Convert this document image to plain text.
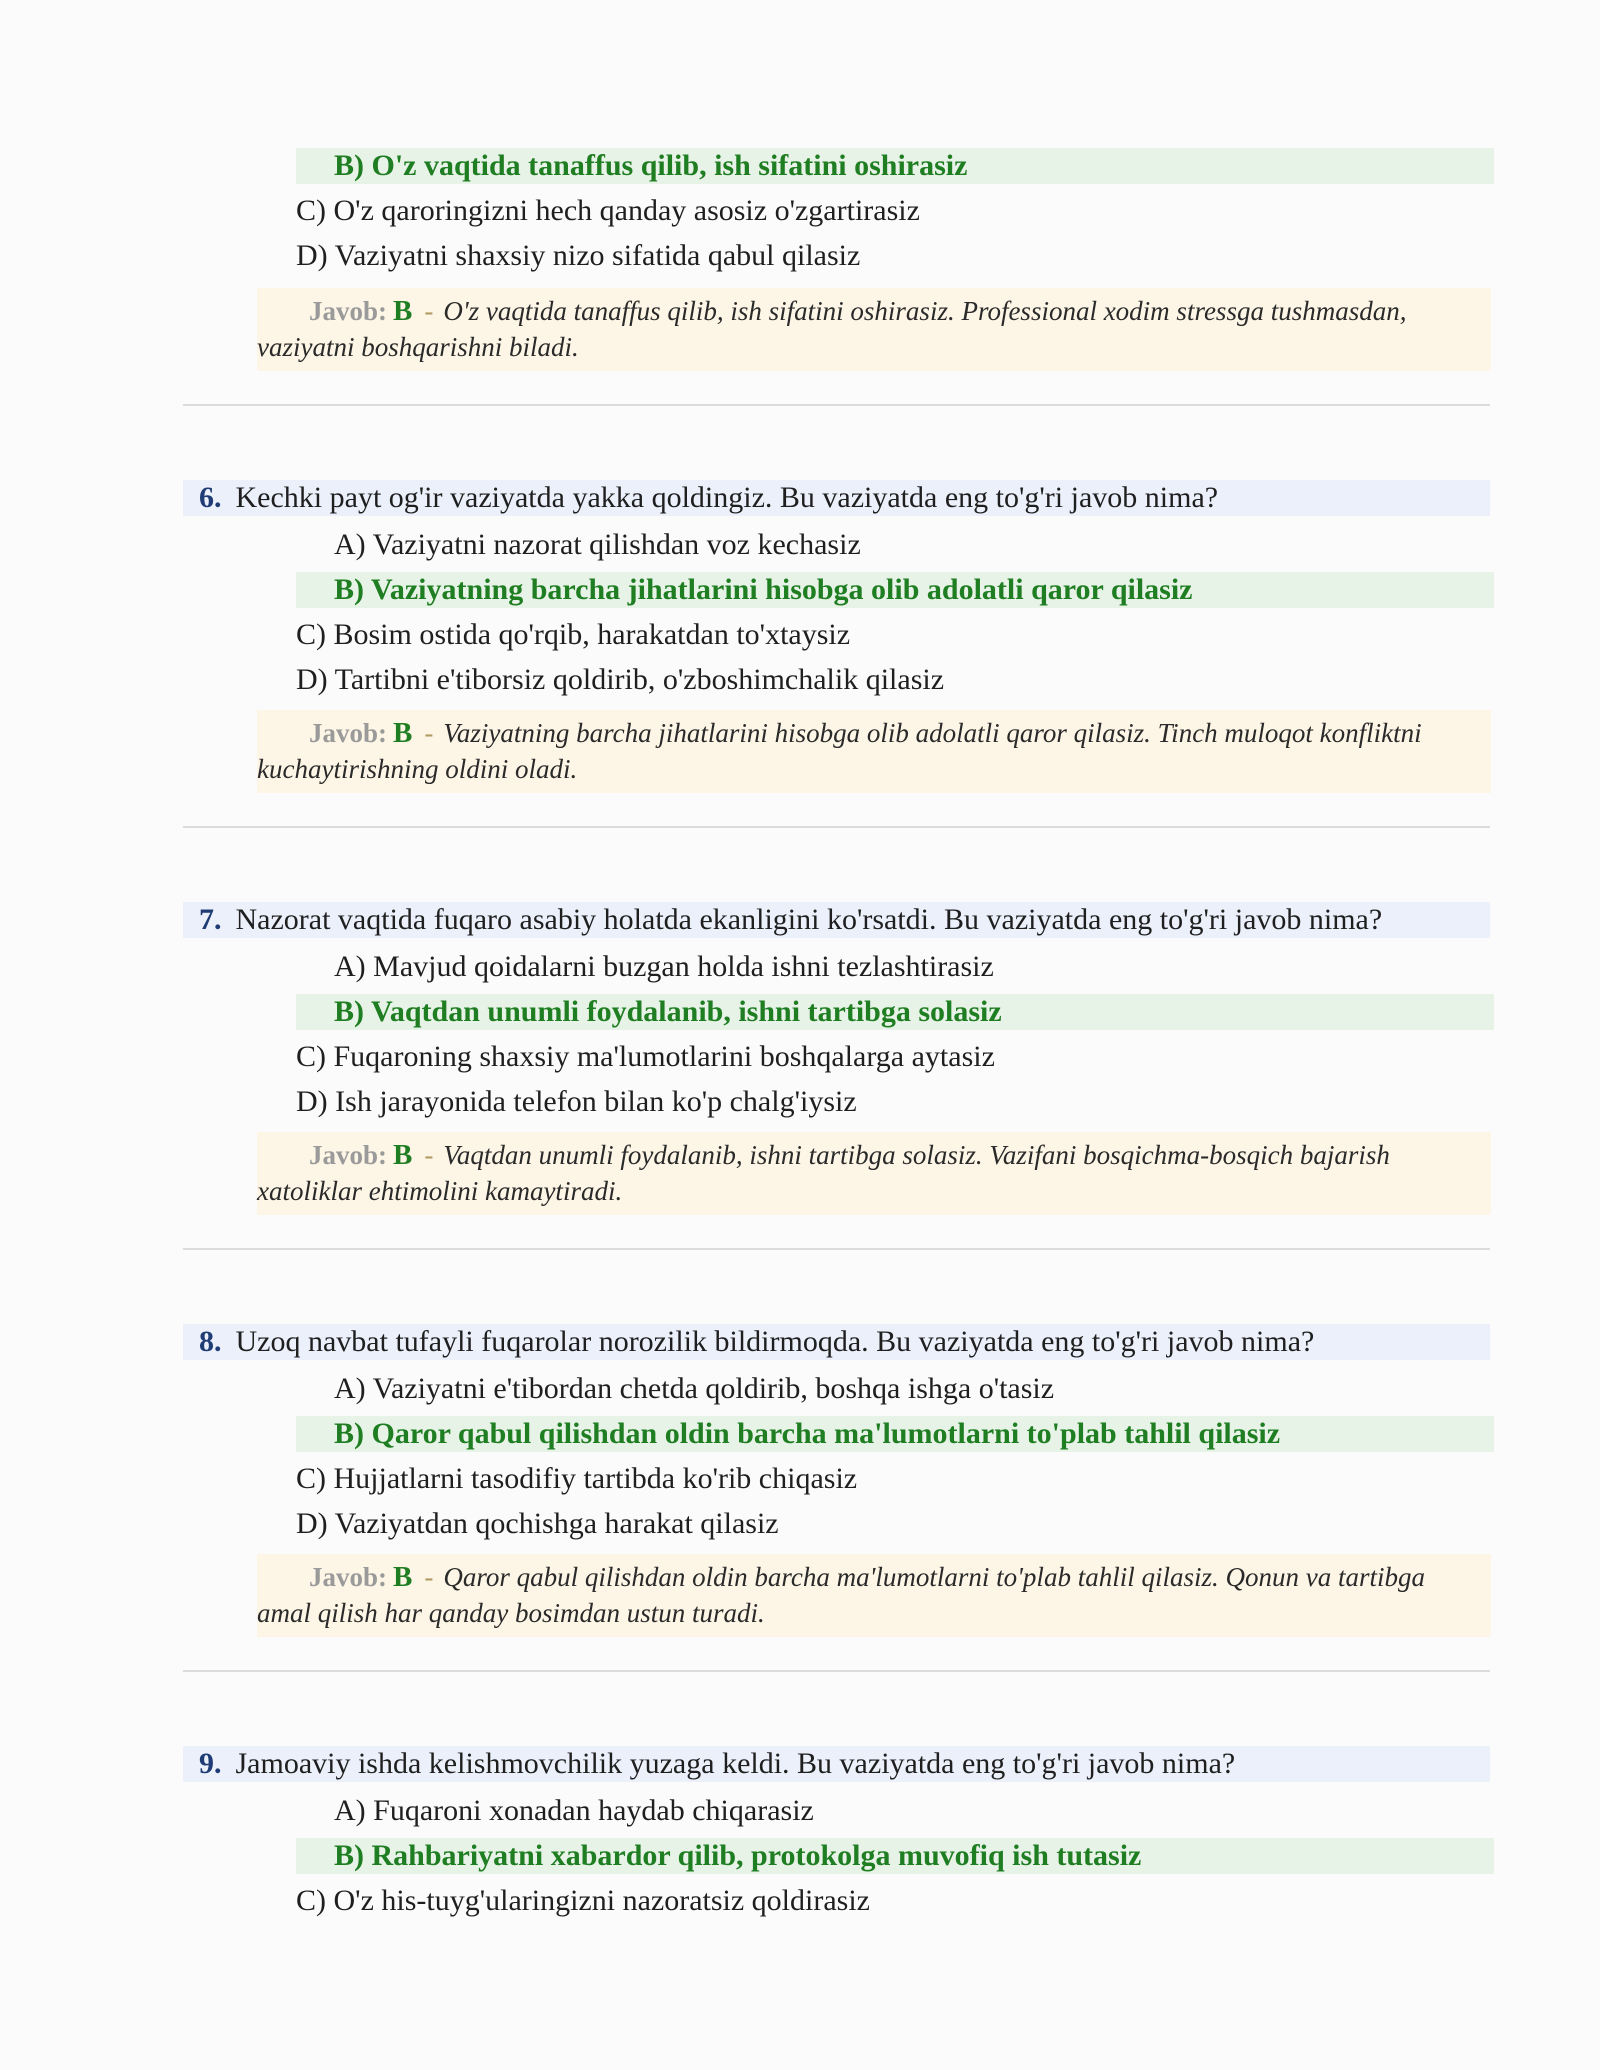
B) O'z vaqtida tanaffus qilib, ish sifatini oshirasiz
C) O'z qaroringizni hech qanday asosiz o'zgartirasiz
D) Vaziyatni shaxsiy nizo sifatida qabul qilasiz
Javob: B - O'z vaqtida tanaffus qilib, ish sifatini oshirasiz. Professional xodim stressga tushmasdan, vaziyatni boshqarishni biladi.
6. Kechki payt og'ir vaziyatda yakka qoldingiz. Bu vaziyatda eng to'g'ri javob nima?
A) Vaziyatni nazorat qilishdan voz kechasiz
B) Vaziyatning barcha jihatlarini hisobga olib adolatli qaror qilasiz
C) Bosim ostida qo'rqib, harakatdan to'xtaysiz
D) Tartibni e'tiborsiz qoldirib, o'zboshimchalik qilasiz
Javob: B - Vaziyatning barcha jihatlarini hisobga olib adolatli qaror qilasiz. Tinch muloqot konfliktni kuchaytirishning oldini oladi.
7. Nazorat vaqtida fuqaro asabiy holatda ekanligini ko'rsatdi. Bu vaziyatda eng to'g'ri javob nima?
A) Mavjud qoidalarni buzgan holda ishni tezlashtirasiz
B) Vaqtdan unumli foydalanib, ishni tartibga solasiz
C) Fuqaroning shaxsiy ma'lumotlarini boshqalarga aytasiz
D) Ish jarayonida telefon bilan ko'p chalg'iysiz
Javob: B - Vaqtdan unumli foydalanib, ishni tartibga solasiz. Vazifani bosqichma-bosqich bajarish xatoliklar ehtimolini kamaytiradi.
8. Uzoq navbat tufayli fuqarolar norozilik bildirmoqda. Bu vaziyatda eng to'g'ri javob nima?
A) Vaziyatni e'tibordan chetda qoldirib, boshqa ishga o'tasiz
B) Qaror qabul qilishdan oldin barcha ma'lumotlarni to'plab tahlil qilasiz
C) Hujjatlarni tasodifiy tartibda ko'rib chiqasiz
D) Vaziyatdan qochishga harakat qilasiz
Javob: B - Qaror qabul qilishdan oldin barcha ma'lumotlarni to'plab tahlil qilasiz. Qonun va tartibga amal qilish har qanday bosimdan ustun turadi.
9. Jamoaviy ishda kelishmovchilik yuzaga keldi. Bu vaziyatda eng to'g'ri javob nima?
A) Fuqaroni xonadan haydab chiqarasiz
B) Rahbariyatni xabardor qilib, protokolga muvofiq ish tutasiz
C) O'z his-tuyg'ularingizni nazoratsiz qoldirasiz
